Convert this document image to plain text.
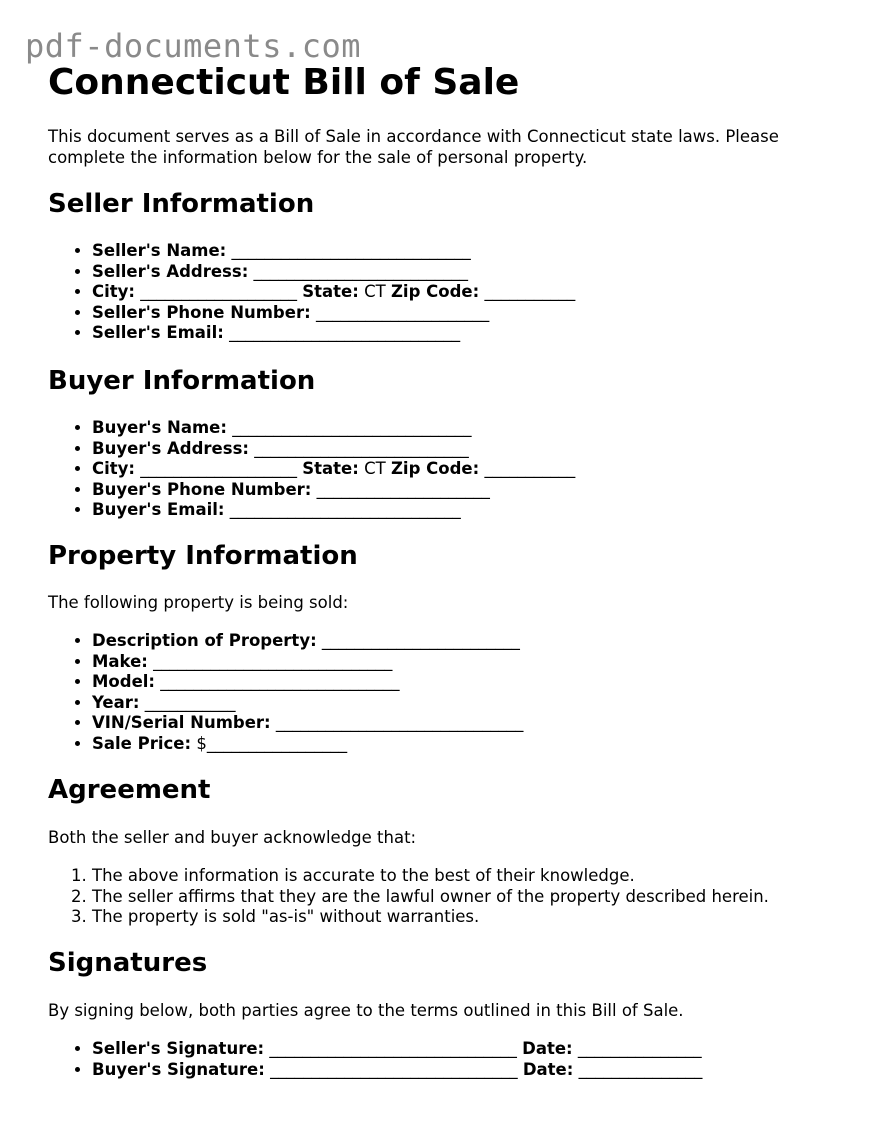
pdf-documents.com
Connecticut Bill of Sale

This document serves as a Bill of Sale in accordance with Connecticut state laws. Please complete the information below for the sale of personal property.

Seller Information
• Seller's Name: _____________________________
• Seller's Address: __________________________
• City: ___________________ State: CT Zip Code: ___________
• Seller's Phone Number: _____________________
• Seller's Email: ____________________________
Buyer Information
• Buyer's Name: _____________________________
• Buyer's Address: __________________________
• City: ___________________ State: CT Zip Code: ___________
• Buyer's Phone Number: _____________________
• Buyer's Email: ____________________________
Property Information

The following property is being sold:

• Description of Property: ________________________
• Make: _____________________________
• Model: _____________________________
• Year: ___________
• VIN/Serial Number: ______________________________
• Sale Price: $_________________
Agreement

Both the seller and buyer acknowledge that:

1. The above information is accurate to the best of their knowledge.
2. The seller affirms that they are the lawful owner of the property described herein.
3. The property is sold "as-is" without warranties.
Signatures

By signing below, both parties agree to the terms outlined in this Bill of Sale.

• Seller's Signature: ______________________________ Date: _______________
• Buyer's Signature: ______________________________ Date: _______________
